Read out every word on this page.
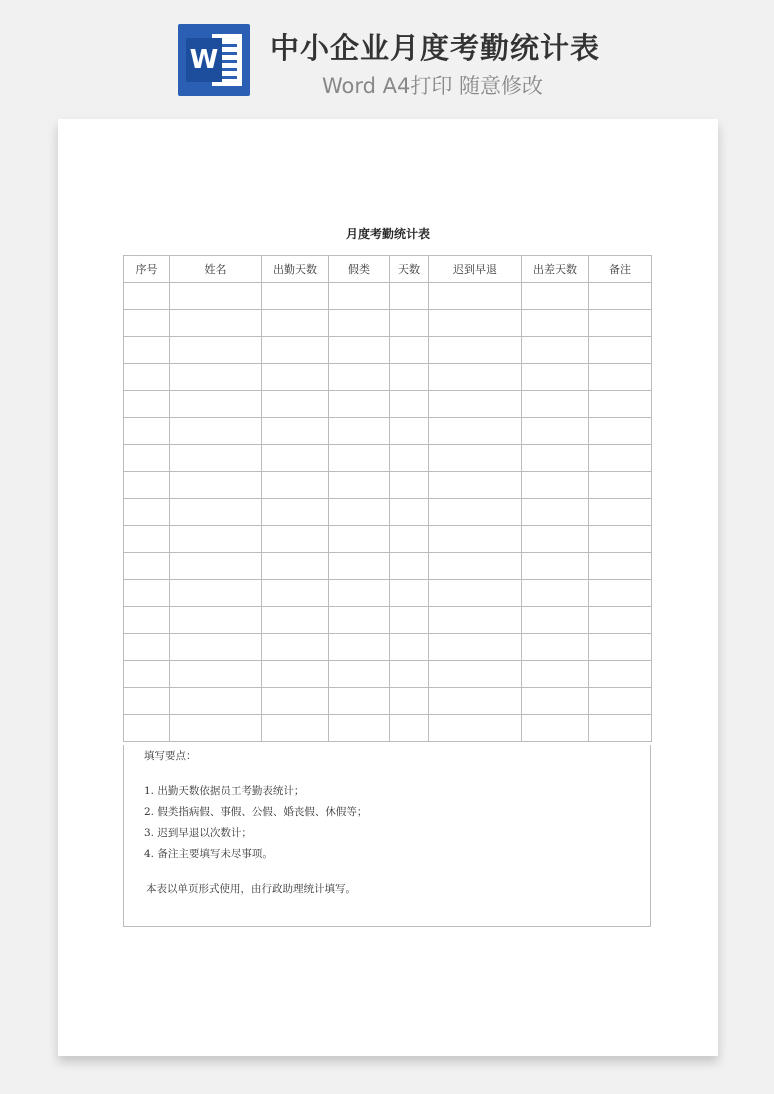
W 中小企业月度考勤统计表
Word A4打印 随意修改
月度考勤统计表
序号	姓名	出勤天数	假类	天数	迟到早退	出差天数	备注

填写要点：
1. 出勤天数依据员工考勤表统计；
2. 假类指病假、事假、公假、婚丧假、休假等；
3. 迟到早退以次数计；
4. 备注主要填写未尽事项。
本表以单页形式使用，由行政助理统计填写。
